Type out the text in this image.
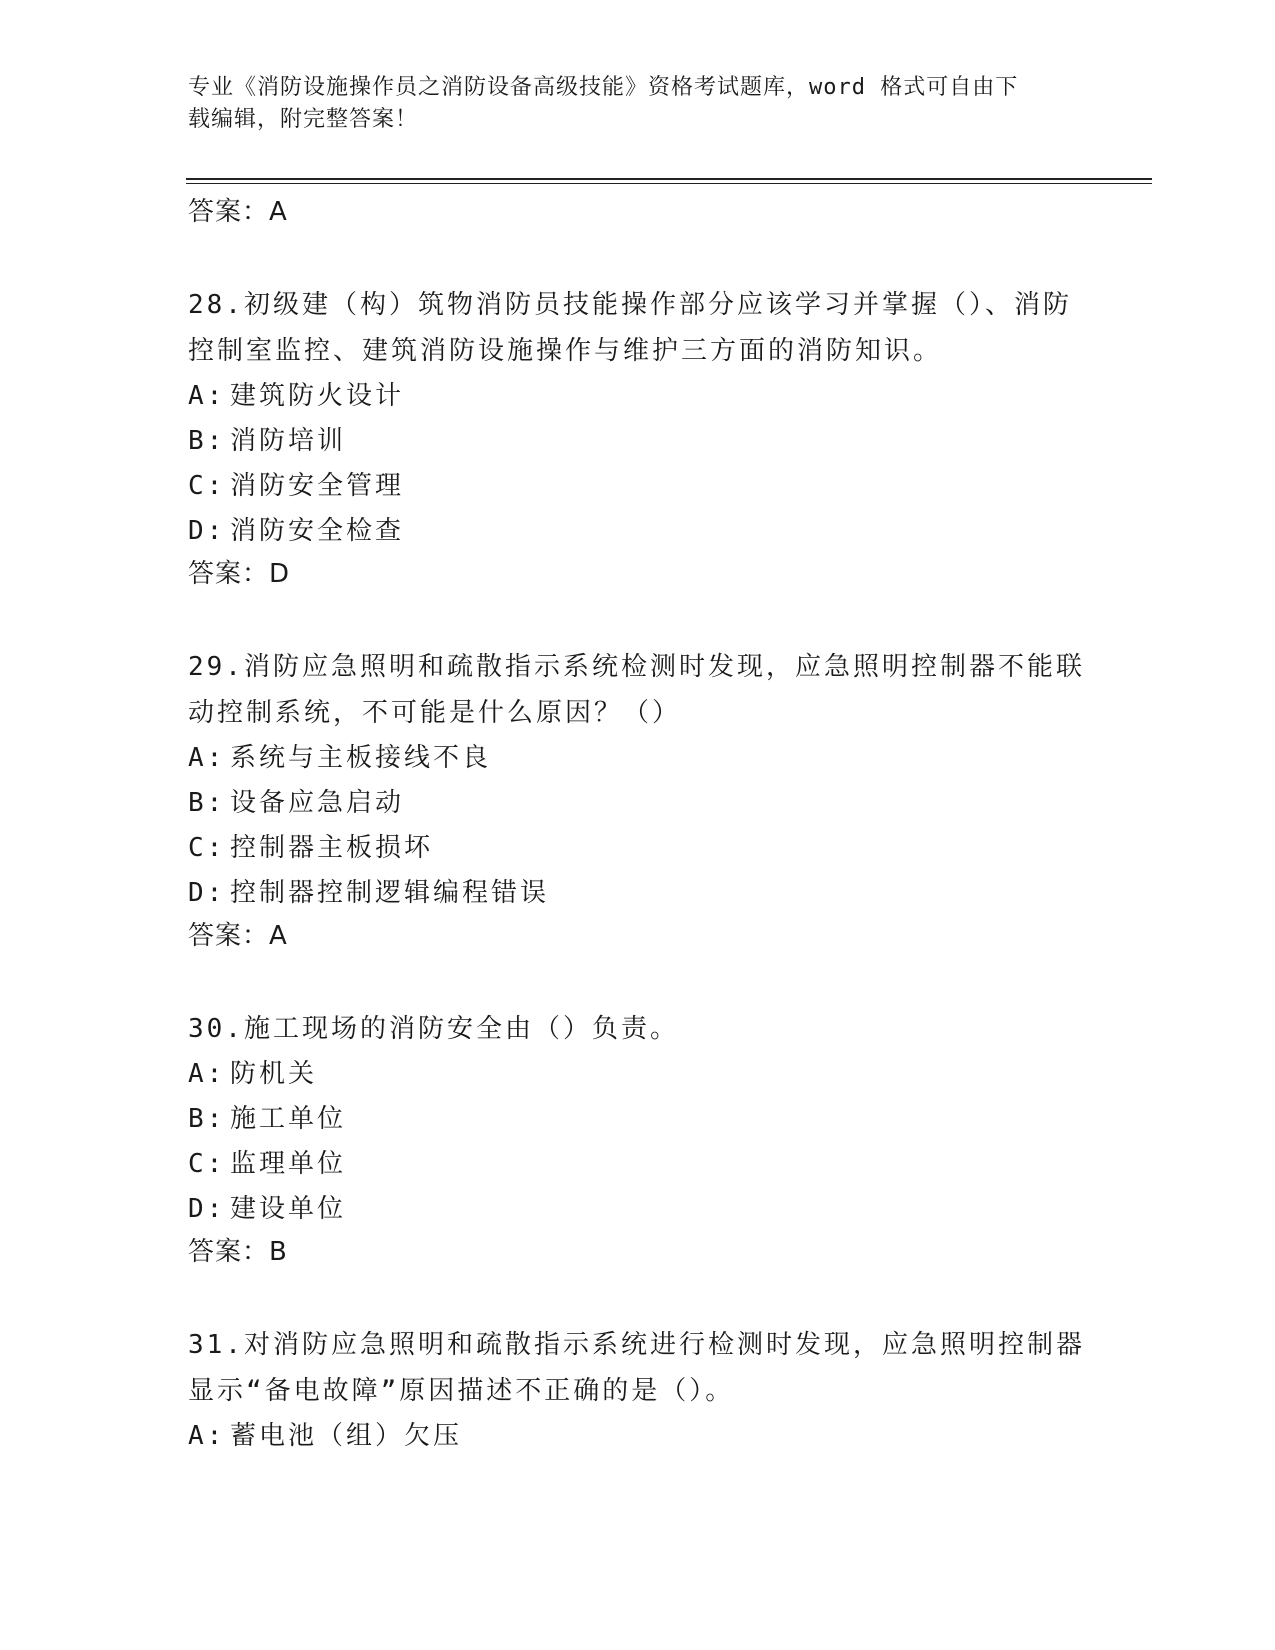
专业《消防设施操作员之消防设备高级技能》资格考试题库，word 格式可自由下
载编辑，附完整答案！
答案：A

28.初级建（构）筑物消防员技能操作部分应该学习并掌握（）、消防
控制室监控、建筑消防设施操作与维护三方面的消防知识。

A: 建筑防火设计
B: 消防培训
C: 消防安全管理
D: 消防安全检查
答案：D

29.消防应急照明和疏散指示系统检测时发现，应急照明控制器不能联
动控制系统，不可能是什么原因？（）

A: 系统与主板接线不良
B: 设备应急启动
C: 控制器主板损坏
D: 控制器控制逻辑编程错误
答案：A

30.施工现场的消防安全由（）负责。

A: 防机关
B: 施工单位
C: 监理单位
D: 建设单位
答案：B

31.对消防应急照明和疏散指示系统进行检测时发现，应急照明控制器
显示“备电故障”原因描述不正确的是（）。

A: 蓄电池（组）欠压
